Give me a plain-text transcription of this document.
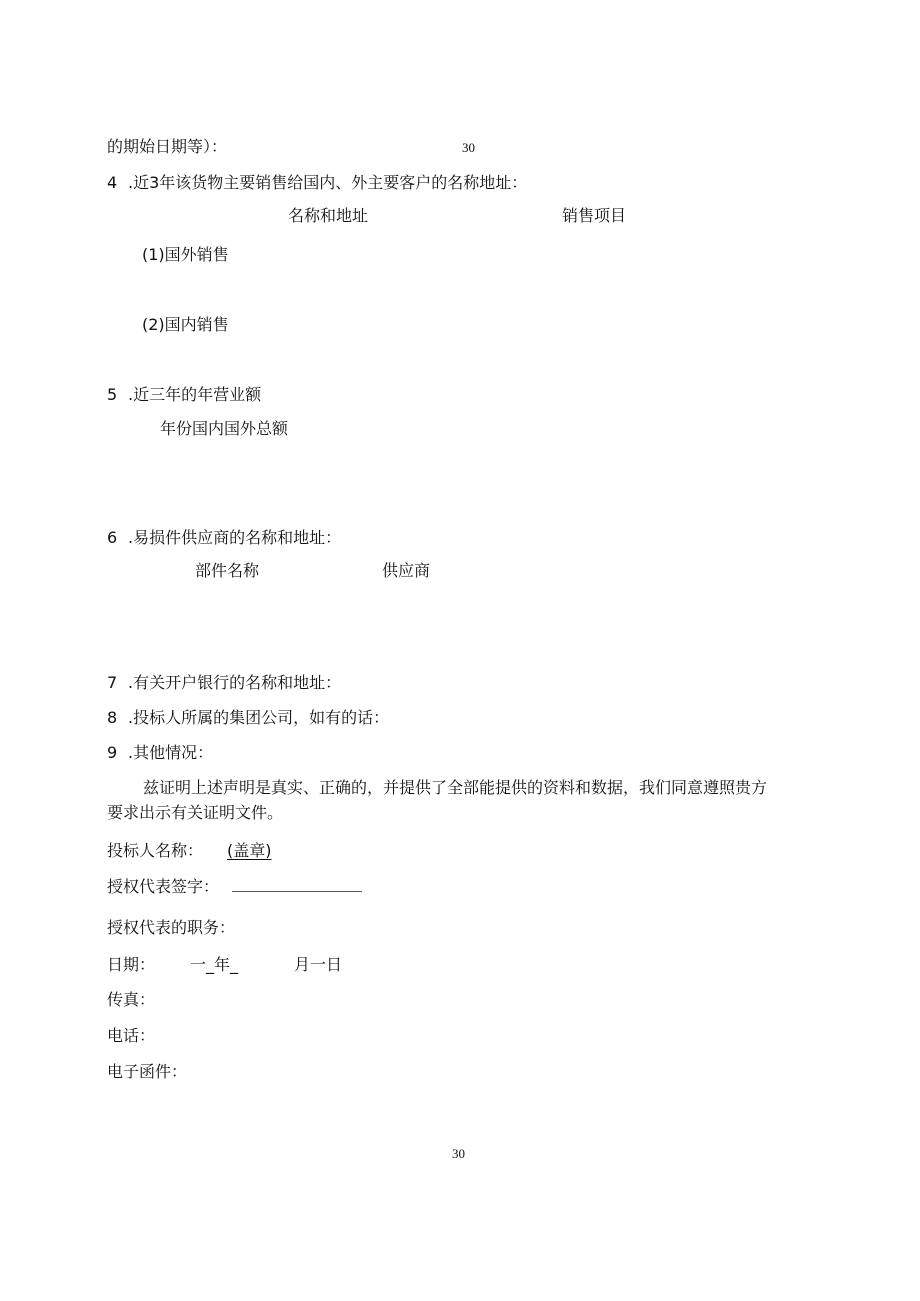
的期始日期等）：	30
4 .近3年该货物主要销售给国内、外主要客户的名称地址：
名称和地址	销售项目
(1)国外销售
(2)国内销售
5 .近三年的年营业额
年份国内国外总额
6 .易损件供应商的名称和地址：
部件名称	供应商
7 .有关开户银行的名称和地址：
8 .投标人所属的集团公司，如有的话：
9 .其他情况：
兹证明上述声明是真实、正确的，并提供了全部能提供的资料和数据，我们同意遵照贵方
要求出示有关证明文件。
投标人名称： (盖章)
授权代表签字：
授权代表的职务：
日期： 一_年_	月一日
传真：
电话：
电子函件：
30
